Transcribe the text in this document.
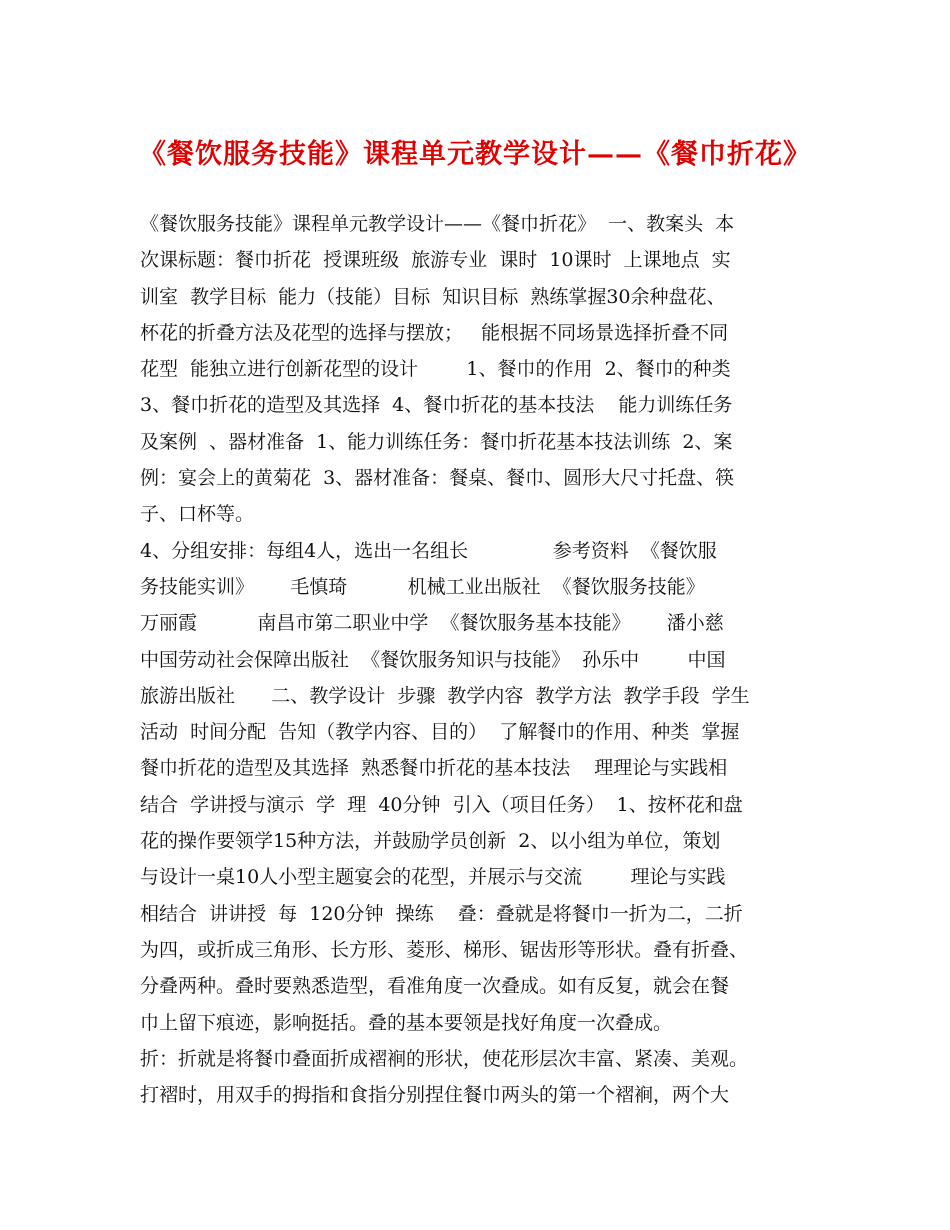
《餐饮服务技能》课程单元教学设计——《餐巾折花》
《餐饮服务技能》课程单元教学设计——《餐巾折花》  一、教案头  本
次课标题：餐巾折花  授课班级  旅游专业  课时  10课时  上课地点  实
训室  教学目标  能力（技能）目标  知识目标  熟练掌握30余种盘花、
杯花的折叠方法及花型的选择与摆放；   能根据不同场景选择折叠不同
花型  能独立进行创新花型的设计        1、餐巾的作用  2、餐巾的种类
3、餐巾折花的造型及其选择  4、餐巾折花的基本技法    能力训练任务
及案例  、器材准备  1、能力训练任务：餐巾折花基本技法训练  2、案
例：宴会上的黄菊花  3、器材准备：餐桌、餐巾、圆形大尺寸托盘、筷
子、口杯等。
4、分组安排：每组4人，选出一名组长              参考资料  《餐饮服
务技能实训》      毛慎琦          机械工业出版社  《餐饮服务技能》
万丽霞          南昌市第二职业中学  《餐饮服务基本技能》      潘小慈
中国劳动社会保障出版社  《餐饮服务知识与技能》  孙乐中        中国
旅游出版社      二、教学设计  步骤  教学内容  教学方法  教学手段  学生
活动  时间分配  告知（教学内容、目的）  了解餐巾的作用、种类  掌握
餐巾折花的造型及其选择  熟悉餐巾折花的基本技法    理理论与实践相
结合  学讲授与演示  学  理  40分钟  引入（项目任务）  1、按杯花和盘
花的操作要领学15种方法，并鼓励学员创新  2、以小组为单位，策划
与设计一桌10人小型主题宴会的花型，并展示与交流        理论与实践
相结合  讲讲授  每  120分钟  操练    叠：叠就是将餐巾一折为二，二折
为四，或折成三角形、长方形、菱形、梯形、锯齿形等形状。叠有折叠、
分叠两种。叠时要熟悉造型，看准角度一次叠成。如有反复，就会在餐
巾上留下痕迹，影响挺括。叠的基本要领是找好角度一次叠成。
折：折就是将餐巾叠面折成褶裥的形状，使花形层次丰富、紧凑、美观。
打褶时，用双手的拇指和食指分别捏住餐巾两头的第一个褶裥，两个大
